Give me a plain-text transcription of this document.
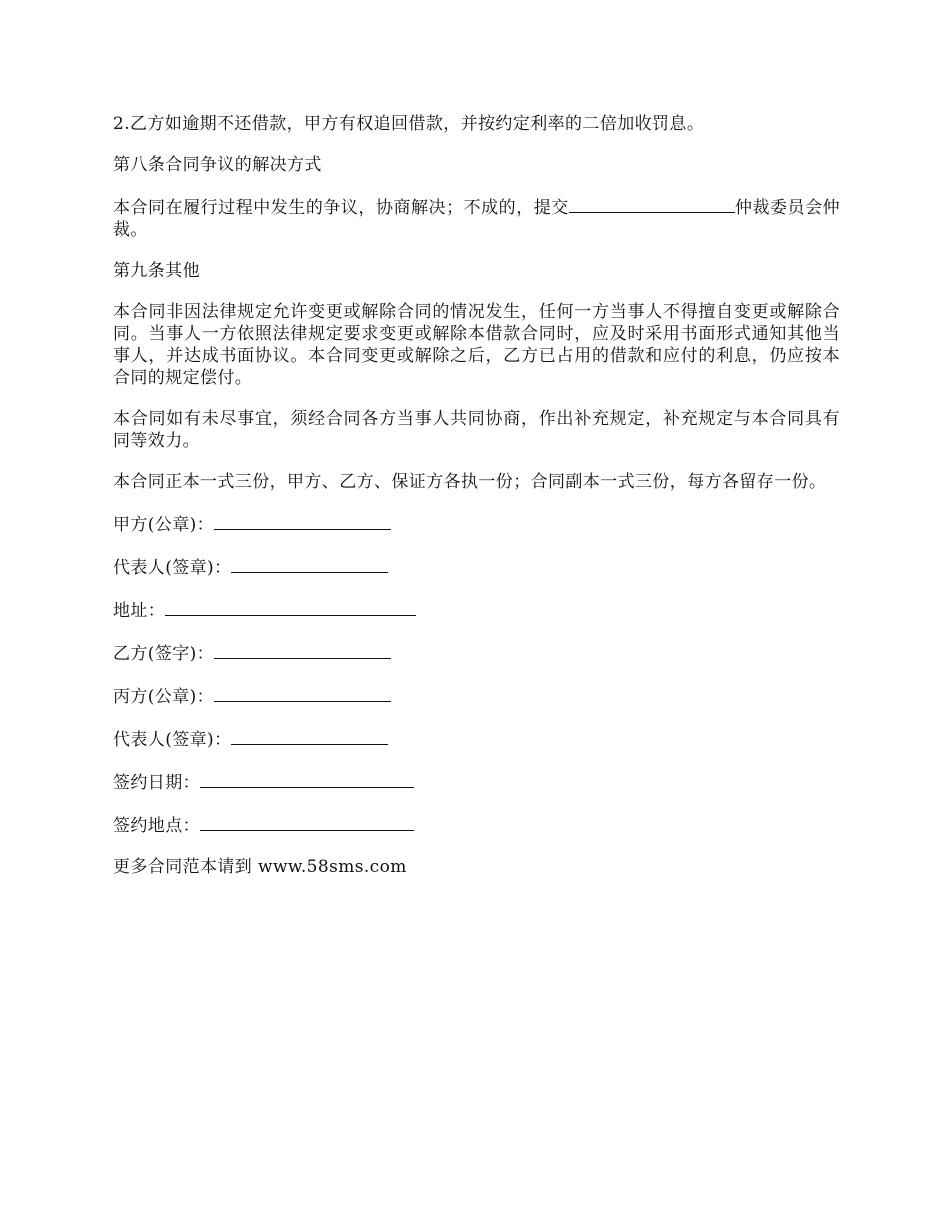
2.乙方如逾期不还借款，甲方有权追回借款，并按约定利率的二倍加收罚息。

第八条合同争议的解决方式

本合同在履行过程中发生的争议，协商解决；不成的，提交	仲裁委员会仲裁。

第九条其他

本合同非因法律规定允许变更或解除合同的情况发生，任何一方当事人不得擅自变更或解除合同。当事人一方依照法律规定要求变更或解除本借款合同时，应及时采用书面形式通知其他当事人，并达成书面协议。本合同变更或解除之后，乙方已占用的借款和应付的利息，仍应按本合同的规定偿付。

本合同如有未尽事宜，须经合同各方当事人共同协商，作出补充规定，补充规定与本合同具有同等效力。

本合同正本一式三份，甲方、乙方、保证方各执一份；合同副本一式三份，每方各留存一份。

甲方(公章)：

代表人(签章)：

地址：

乙方(签字)：

丙方(公章)：

代表人(签章)：

签约日期：

签约地点：

更多合同范本请到 www.58sms.com
